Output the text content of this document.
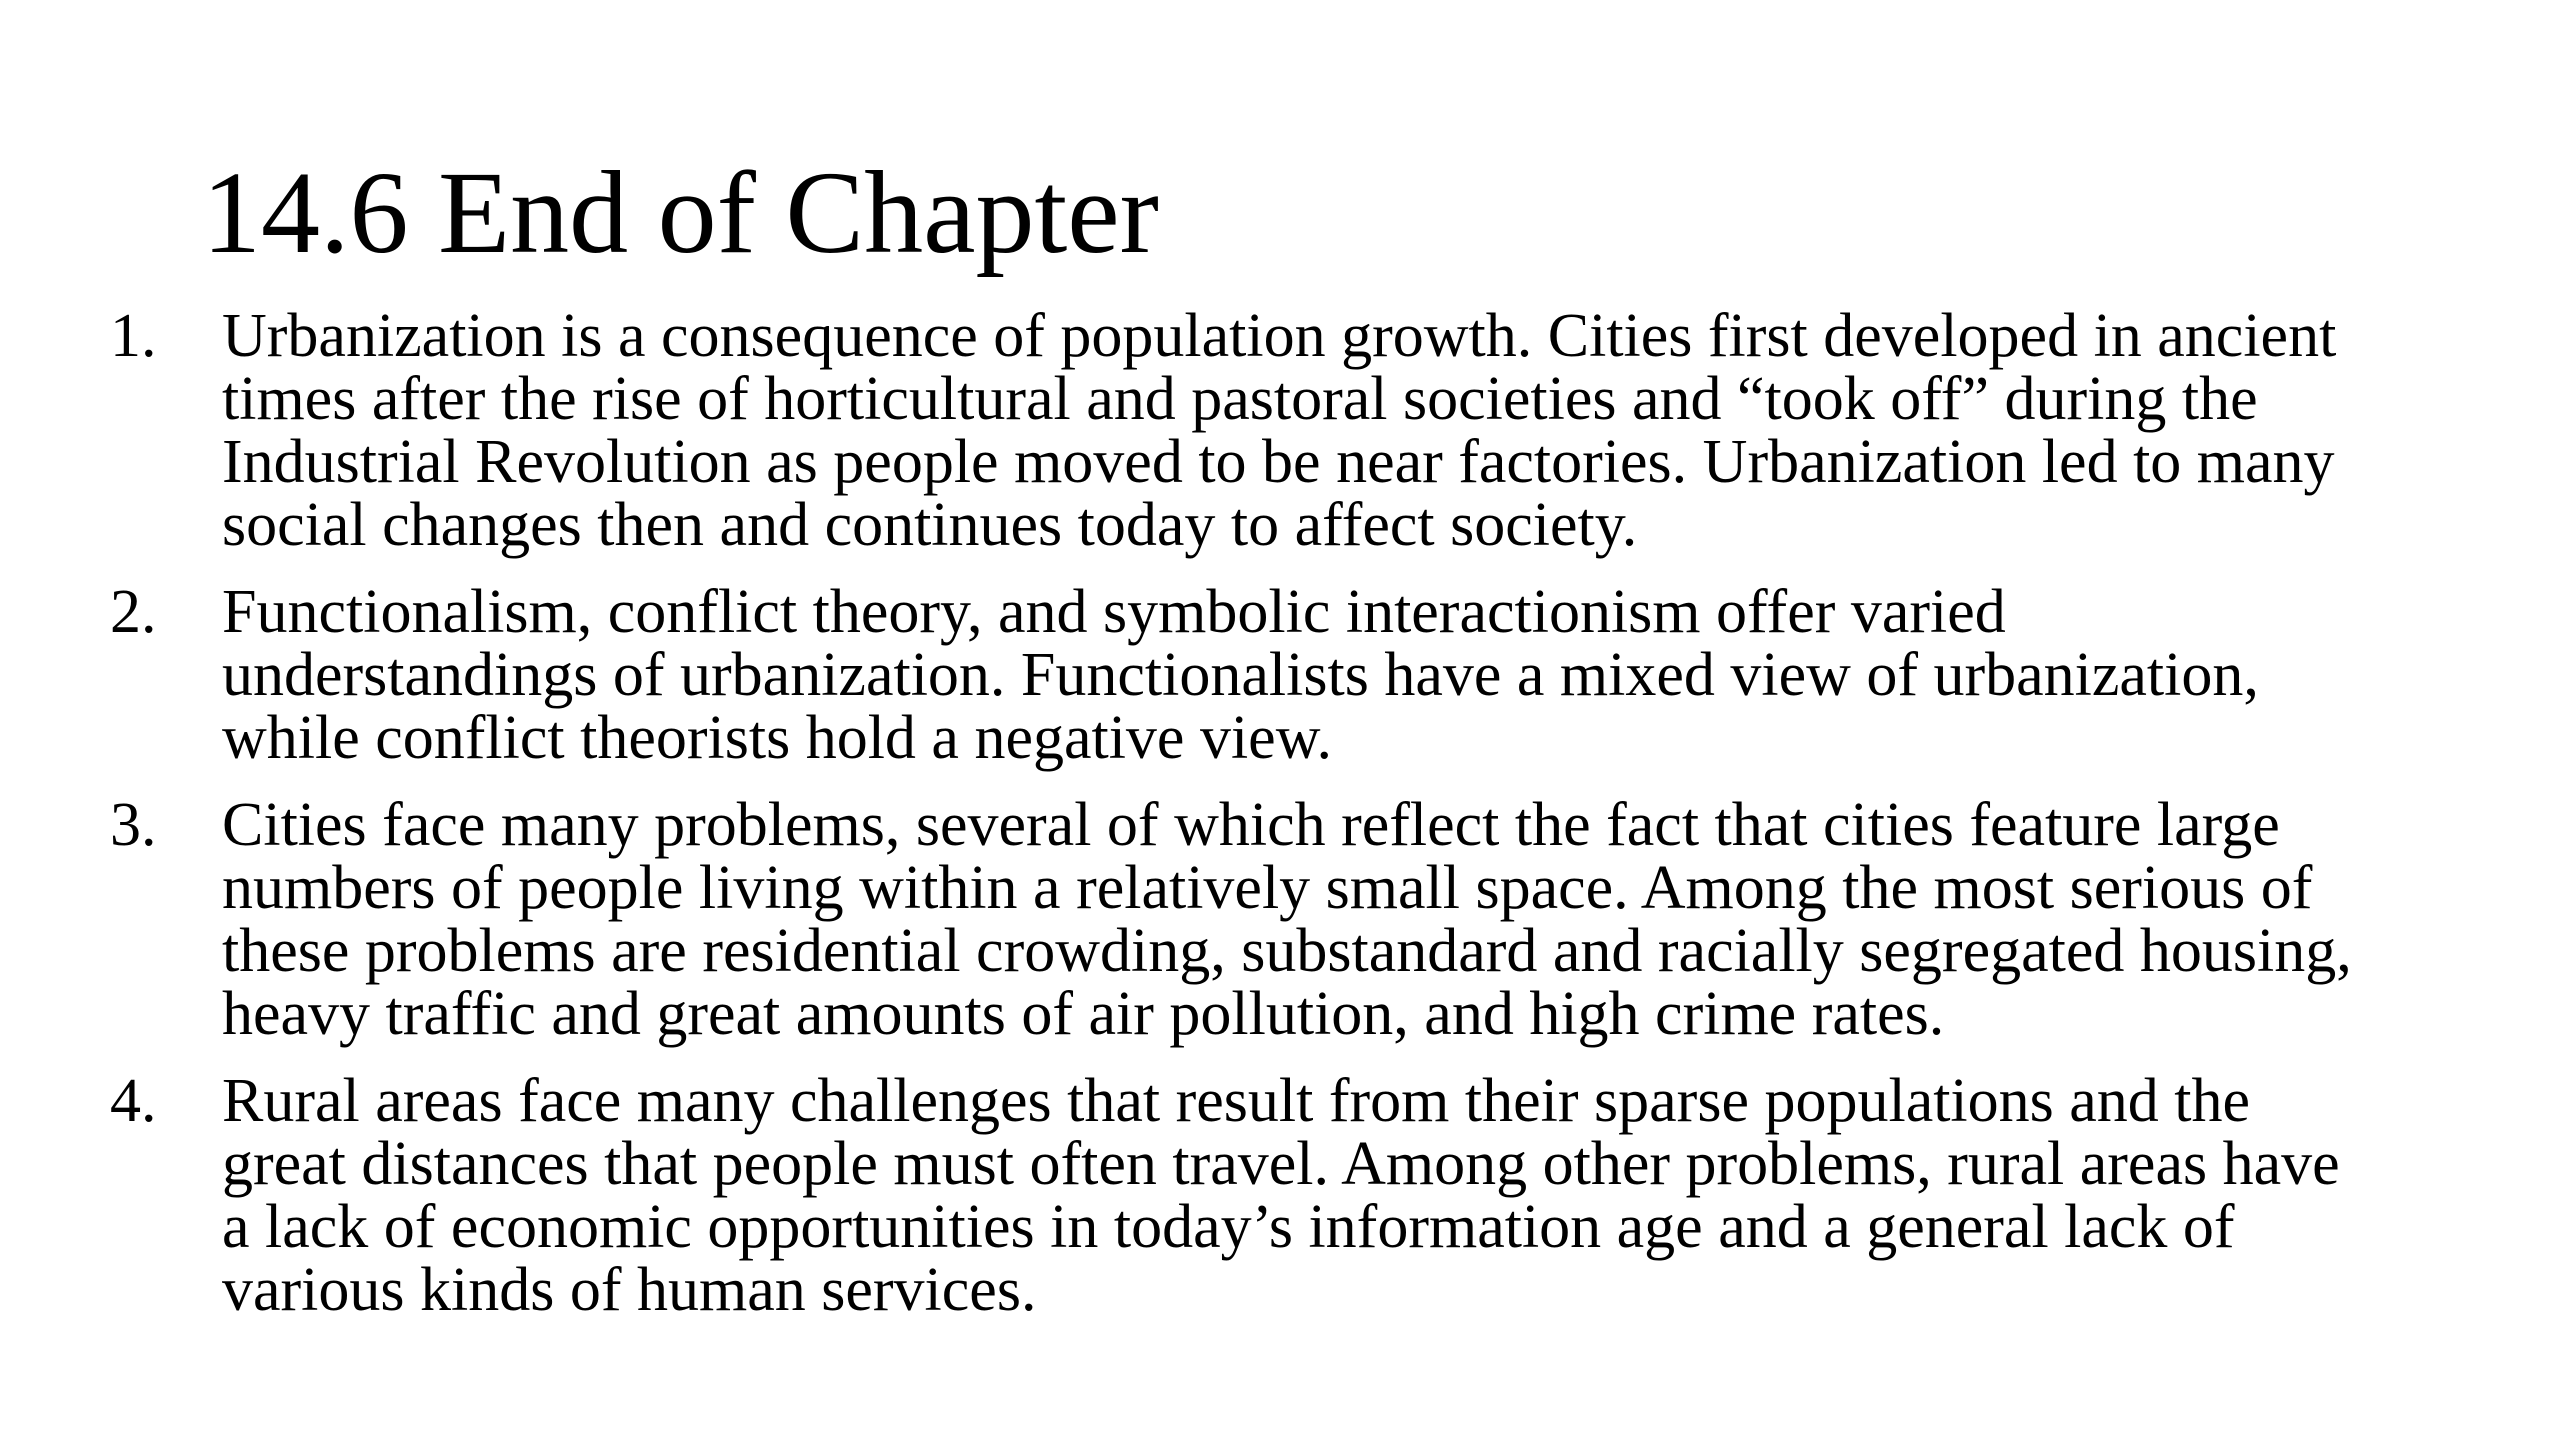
14.6 End of Chapter
1.	Urbanization is a consequence of population growth. Cities first developed in ancient
times after the rise of horticultural and pastoral societies and “took off” during the
Industrial Revolution as people moved to be near factories. Urbanization led to many
social changes then and continues today to affect society.
2.	Functionalism, conflict theory, and symbolic interactionism offer varied
understandings of urbanization. Functionalists have a mixed view of urbanization,
while conflict theorists hold a negative view.
3.	Cities face many problems, several of which reflect the fact that cities feature large
numbers of people living within a relatively small space. Among the most serious of
these problems are residential crowding, substandard and racially segregated housing,
heavy traffic and great amounts of air pollution, and high crime rates.
4.	Rural areas face many challenges that result from their sparse populations and the
great distances that people must often travel. Among other problems, rural areas have
a lack of economic opportunities in today’s information age and a general lack of
various kinds of human services.
